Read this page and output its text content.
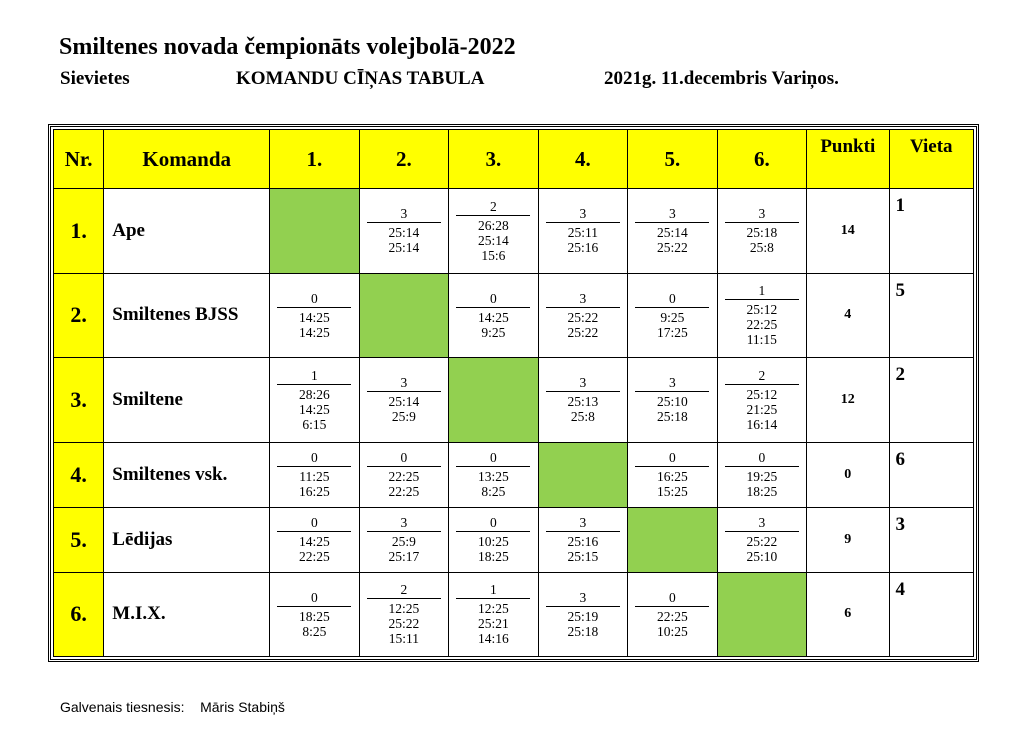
Smiltenes novada čempionāts volejbolā-2022
Sievietes	KOMANDU CĪŅAS TABULA	2021g. 11.decembris Variņos.
Nr.	Komanda	1.	2.	3.	4.	5.	6.	Punkti	Vieta
1.	Ape		3
25:14
25:14	2
26:28
25:14
15:6	3
25:11
25:16	3
25:14
25:22	3
25:18
25:8	14	1
2.	Smiltenes BJSS	0
14:25
14:25		0
14:25
9:25	3
25:22
25:22	0
9:25
17:25	1
25:12
22:25
11:15	4	5
3.	Smiltene	1
28:26
14:25
6:15	3
25:14
25:9		3
25:13
25:8	3
25:10
25:18	2
25:12
21:25
16:14	12	2
4.	Smiltenes vsk.	0
11:25
16:25	0
22:25
22:25	0
13:25
8:25		0
16:25
15:25	0
19:25
18:25	0	6
5.	Lēdijas	0
14:25
22:25	3
25:9
25:17	0
10:25
18:25	3
25:16
25:15		3
25:22
25:10	9	3
6.	M.I.X.	0
18:25
8:25	2
12:25
25:22
15:11	1
12:25
25:21
14:16	3
25:19
25:18	0
22:25
10:25		6	4
Galvenais tiesnesis: Māris Stabiņš
